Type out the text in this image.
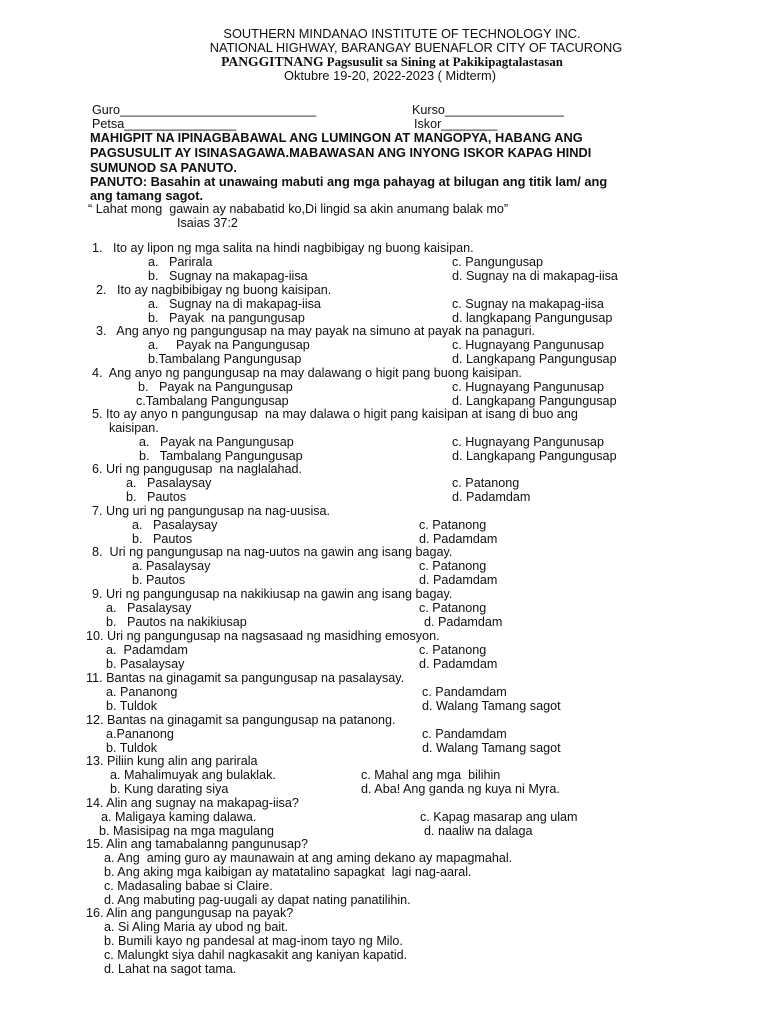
SOUTHERN MINDANAO INSTITUTE OF TECHNOLOGY INC.
NATIONAL HIGHWAY, BARANGAY BUENAFLOR CITY OF TACURONG
PANGGITNANG Pagsusulit sa Sining at Pakikipagtalastasan
Oktubre 19-20, 2022-2023 ( Midterm)
Guro____________________________	Kurso_________________
Petsa________________	Iskor________
MAHIGPIT NA IPINAGBABAWAL ANG LUMINGON AT MANGOPYA, HABANG ANG
PAGSUSULIT AY ISINASAGAWA.MABAWASAN ANG INYONG ISKOR KAPAG HINDI
SUMUNOD SA PANUTO.
PANUTO: Basahin at unawaing mabuti ang mga pahayag at bilugan ang titik lam/ ang
ang tamang sagot.
“ Lahat mong  gawain ay nababatid ko,Di lingid sa akin anumang balak mo”
Isaias 37:2
1.   Ito ay lipon ng mga salita na hindi nagbibigay ng buong kaisipan.
a.   Parirala	c. Pangungusap
b.   Sugnay na makapag-iisa	d. Sugnay na di makapag-iisa
2.   Ito ay nagbibibigay ng buong kaisipan.
a.   Sugnay na di makapag-iisa	c. Sugnay na makapag-iisa
b.   Payak  na pangungusap	d. langkapang Pangungusap
3.   Ang anyo ng pangungusap na may payak na simuno at payak na panaguri.
a.     Payak na Pangungusap	c. Hugnayang Pangunusap
b.Tambalang Pangungusap	d. Langkapang Pangungusap
4.  Ang anyo ng pangungusap na may dalawang o higit pang buong kaisipan.
b.   Payak na Pangungusap	c. Hugnayang Pangunusap
c.Tambalang Pangungusap	d. Langkapang Pangungusap
5. Ito ay anyo n pangungusap  na may dalawa o higit pang kaisipan at isang di buo ang
kaisipan.
a.   Payak na Pangungusap	c. Hugnayang Pangunusap
b.   Tambalang Pangungusap	d. Langkapang Pangungusap
6. Uri ng pangugusap  na naglalahad.
a.   Pasalaysay	c. Patanong
b.   Pautos	d. Padamdam
7. Ung uri ng pangungusap na nag-uusisa.
a.   Pasalaysay	c. Patanong
b.   Pautos	d. Padamdam
8.  Uri ng pangungusap na nag-uutos na gawin ang isang bagay.
a. Pasalaysay	c. Patanong
b. Pautos	d. Padamdam
9. Uri ng pangungusap na nakikiusap na gawin ang isang bagay.
a.   Pasalaysay	c. Patanong
b.   Pautos na nakikiusap	d. Padamdam
10. Uri ng pangungusap na nagsasaad ng masidhing emosyon.
a.  Padamdam	c. Patanong
b. Pasalaysay	d. Padamdam
11. Bantas na ginagamit sa pangungusap na pasalaysay.
a. Pananong	c. Pandamdam
b. Tuldok	d. Walang Tamang sagot
12. Bantas na ginagamit sa pangungusap na patanong.
a.Pananong	c. Pandamdam
b. Tuldok	d. Walang Tamang sagot
13. Piliin kung alin ang parirala
a. Mahalimuyak ang bulaklak.	c. Mahal ang mga  bilihin
b. Kung darating siya	d. Aba! Ang ganda ng kuya ni Myra.
14. Alin ang sugnay na makapag-iisa?
a. Maligaya kaming dalawa.	c. Kapag masarap ang ulam
b. Masisipag na mga magulang	d. naaliw na dalaga
15. Alin ang tamabalanng pangunusap?
a. Ang  aming guro ay maunawain at ang aming dekano ay mapagmahal.
b. Ang aking mga kaibigan ay matatalino sapagkat  lagi nag-aaral.
c. Madasaling babae si Claire.
d. Ang mabuting pag-uugali ay dapat nating panatilihin.
16. Alin ang pangungusap na payak?
a. Si Aling Maria ay ubod ng bait.
b. Bumili kayo ng pandesal at mag-inom tayo ng Milo.
c. Malungkt siya dahil nagkasakit ang kaniyan kapatid.
d. Lahat na sagot tama.
